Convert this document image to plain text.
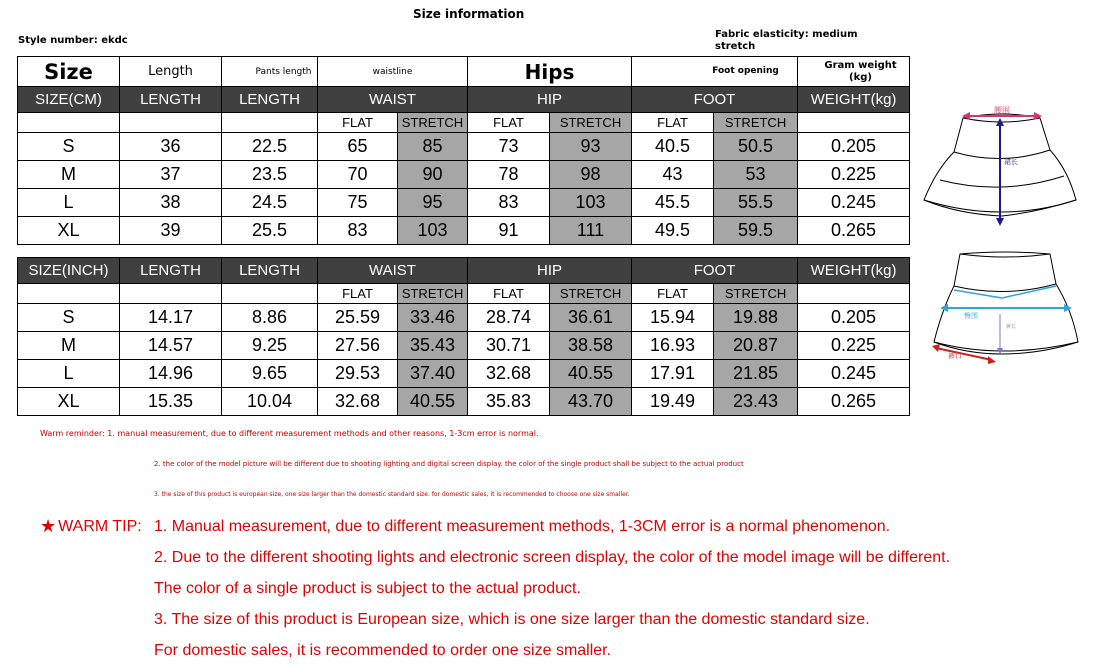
Size information
Style number: ekdc
Fabric elasticity: medium stretch
Size	Length	Pants length	waistline		Hips		Foot opening		Gram weight (kg)
SIZE(CM)	LENGTH	LENGTH	WAIST		HIP		FOOT		WEIGHT(kg)
			FLAT	STRETCH	FLAT	STRETCH	FLAT	STRETCH	
S	36	22.5	65	85	73	93	40.5	50.5	0.205
M	37	23.5	70	90	78	98	43	53	0.225
L	38	24.5	75	95	83	103	45.5	55.5	0.245
XL	39	25.5	83	103	91	111	49.5	59.5	0.265
SIZE(INCH)	LENGTH	LENGTH	WAIST		HIP		FOOT		WEIGHT(kg)
			FLAT	STRETCH	FLAT	STRETCH	FLAT	STRETCH	
S	14.17	8.86	25.59	33.46	28.74	36.61	15.94	19.88	0.205
M	14.57	9.25	27.56	35.43	30.71	38.58	16.93	20.87	0.225
L	14.96	9.65	29.53	37.40	32.68	40.55	17.91	21.85	0.245
XL	15.35	10.04	32.68	40.55	35.83	43.70	19.49	23.43	0.265
腰围
裙长
臀围
裤长
裤口
Warm reminder: 1. manual measurement, due to different measurement methods and other reasons, 1-3cm error is normal.
2. the color of the model picture will be different due to shooting lighting and digital screen display. the color of the single product shall be subject to the actual product
3. the size of this product is european size, one size larger than the domestic standard size. for domestic sales, it is recommended to choose one size smaller.
★ WARM TIP: 1. Manual measurement, due to different measurement methods, 1-3CM error is a normal phenomenon.
2. Due to the different shooting lights and electronic screen display, the color of the model image will be different.
The color of a single product is subject to the actual product.
3. The size of this product is European size, which is one size larger than the domestic standard size.
For domestic sales, it is recommended to order one size smaller.
